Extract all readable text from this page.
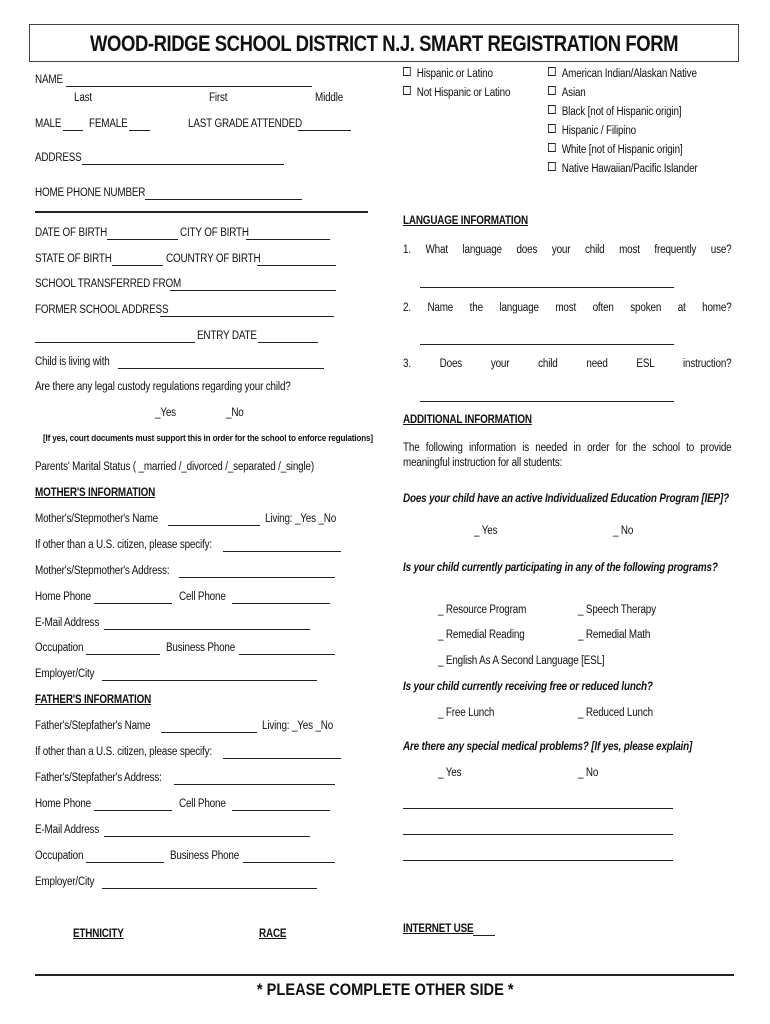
WOOD-RIDGE SCHOOL DISTRICT N.J. SMART REGISTRATION FORM
NAME
Last	First	Middle
MALE FEMALE	LAST GRADE ATTENDED
ADDRESS
HOME PHONE NUMBER
DATE OF BIRTH	CITY OF BIRTH
STATE OF BIRTH	COUNTRY OF BIRTH
SCHOOL TRANSFERRED FROM
FORMER SCHOOL ADDRESS
ENTRY DATE
Child is living with
Are there any legal custody regulations regarding your child?
_Yes	_No
[If yes, court documents must support this in order for the school to enforce regulations]
Parents' Marital Status ( _married /_divorced /_separated /_single)
MOTHER'S INFORMATION
Mother's/Stepmother's Name	Living: _Yes _No
If other than a U.S. citizen, please specify:
Mother's/Stepmother's Address:
Home Phone	Cell Phone
E-Mail Address
Occupation	Business Phone
Employer/City
FATHER'S INFORMATION
Father's/Stepfather's Name	Living: _Yes _No
If other than a U.S. citizen, please specify:
Father's/Stepfather's Address:
Home Phone	Cell Phone
E-Mail Address
Occupation	Business Phone
Employer/City
ETHNICITY	RACE
Hispanic or Latino
Not Hispanic or Latino
American Indian/Alaskan Native
Asian
Black [not of Hispanic origin]
Hispanic / Filipino
White [not of Hispanic origin]
Native Hawaiian/Pacific Islander
LANGUAGE INFORMATION
1. What language does your child most frequently use?
2. Name the language most often spoken at home?
3. Does your child need ESL instruction?
ADDITIONAL INFORMATION
The following information is needed in order for the school to provide meaningful instruction for all students:
Does your child have an active Individualized Education Program [IEP]?
_ Yes	_ No
Is your child currently participating in any of the following programs?
_ Resource Program	_ Speech Therapy
_ Remedial Reading	_ Remedial Math
_ English As A Second Language [ESL]
Is your child currently receiving free or reduced lunch?
_ Free Lunch	_ Reduced Lunch
Are there any special medical problems? [If yes, please explain]
_ Yes	_ No
INTERNET USE
* PLEASE COMPLETE OTHER SIDE *
